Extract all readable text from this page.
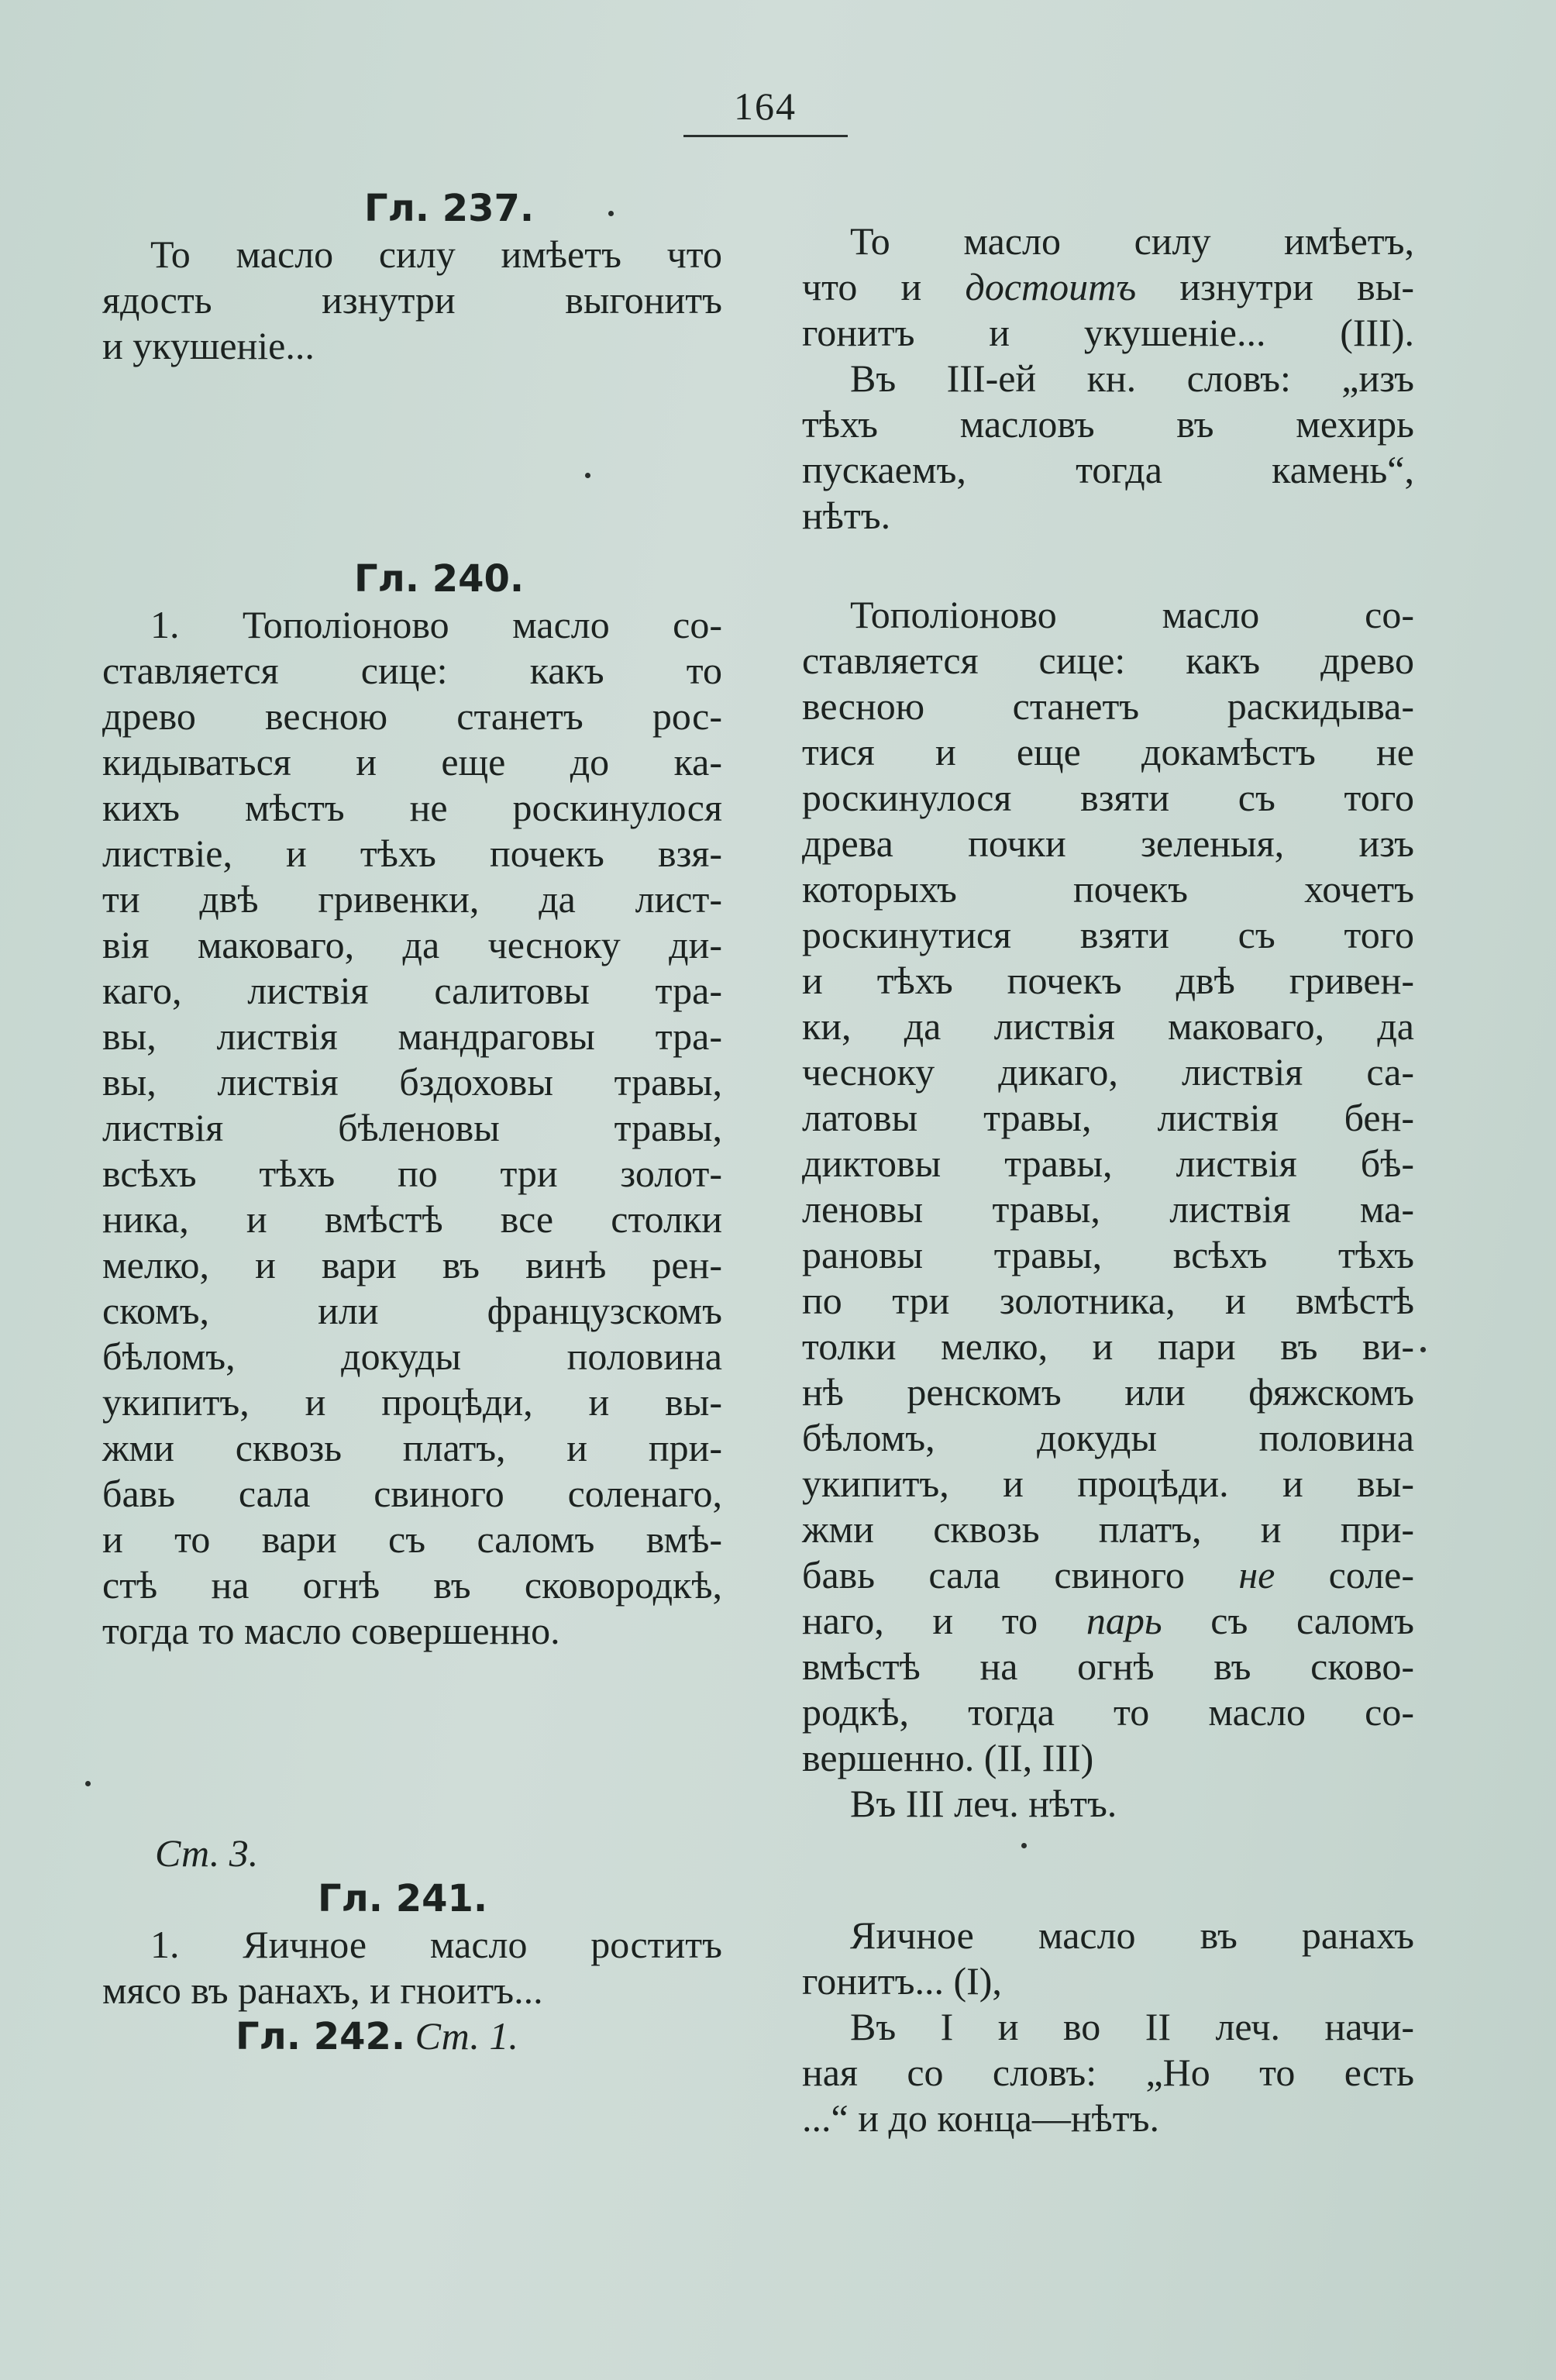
164
Гл. 237.
То масло силу имѣетъ что
ядость изнутри выгонитъ
и укушеніе...
Гл. 240.
1. Тополіоново масло со-
ставляется сице: какъ то
древо весною станетъ рос-
кидываться и еще до ка-
кихъ мѣстъ не роскинулося
листвіе, и тѣхъ почекъ взя-
ти двѣ гривенки, да лист-
вія маковаго, да чесноку ди-
каго, листвія салитовы тра-
вы, листвія мандраговы тра-
вы, листвія бздоховы травы,
листвія бѣленовы травы,
всѣхъ тѣхъ по три золот-
ника, и вмѣстѣ все столки
мелко, и вари въ винѣ рен-
скомъ, или французскомъ
бѣломъ, докуды половина
укипитъ, и процѣди, и вы-
жми сквозь платъ, и при-
бавь сала свиного соленаго,
и то вари съ саломъ вмѣ-
стѣ на огнѣ въ сковородкѣ,
тогда то масло совершенно.
Ст. 3.
Гл. 241.
1. Яичное масло роститъ
мясо въ ранахъ, и гноитъ...
Гл. 242. Ст. 1.
То масло силу имѣетъ,
что и достоитъ изнутри вы-
гонитъ и укушеніе... (III).
Въ III-ей кн. словъ: „изъ
тѣхъ масловъ въ мехирь
пускаемъ, тогда камень“,
нѣтъ.
Тополіоново масло со-
ставляется сице: какъ древо
весною станетъ раскидыва-
тися и еще докамѣстъ не
роскинулося взяти съ того
древа почки зеленыя, изъ
которыхъ почекъ хочетъ
роскинутися взяти съ того
и тѣхъ почекъ двѣ гривен-
ки, да листвія маковаго, да
чесноку дикаго, листвія са-
латовы травы, листвія бен-
диктовы травы, листвія бѣ-
леновы травы, листвія ма-
рановы травы, всѣхъ тѣхъ
по три золотника, и вмѣстѣ
толки мелко, и пари въ ви-
нѣ ренскомъ или фяжскомъ
бѣломъ, докуды половина
укипитъ, и процѣди. и вы-
жми сквозь платъ, и при-
бавь сала свиного не соле-
наго, и то парь съ саломъ
вмѣстѣ на огнѣ въ сково-
родкѣ, тогда то масло со-
вершенно. (II, III)
Въ III леч. нѣтъ.
Яичное масло въ ранахъ
гонитъ... (I),
Въ I и во II леч. начи-
ная со словъ: „Но то есть
...“ и до конца—нѣтъ.
